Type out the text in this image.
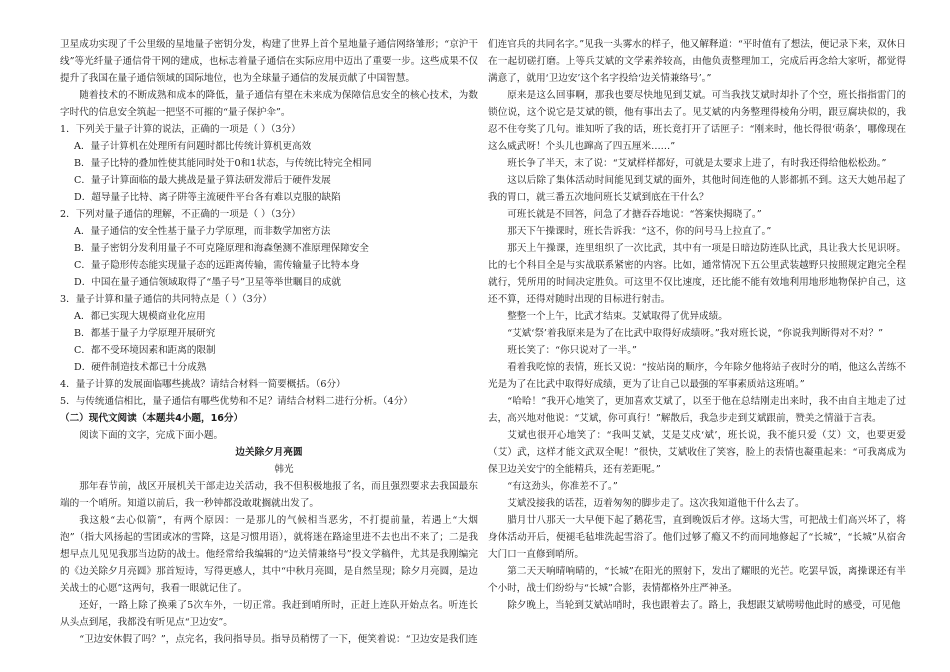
卫星成功实现了千公里级的星地量子密钥分发，构建了世界上首个星地量子通信网络雏形；“京沪干线”等光纤量子通信骨干网的建成，也标志着量子通信在实际应用中迈出了重要一步。这些成果不仅提升了我国在量子通信领域的国际地位，也为全球量子通信的发展贡献了中国智慧。

随着技术的不断成熟和成本的降低，量子通信有望在未来成为保障信息安全的核心技术，为数字时代的信息安全筑起一把坚不可摧的“量子保护伞”。

1．下列关于量子计算的说法，正确的一项是（ ）（3分）

A．量子计算机在处理所有问题时都比传统计算机更高效

B．量子比特的叠加性使其能同时处于0和1状态，与传统比特完全相同

C．量子计算面临的最大挑战是量子算法研发滞后于硬件发展

D．超导量子比特、离子阱等主流硬件平台各有难以克服的缺陷

2．下列对量子通信的理解，不正确的一项是（ ）（3分）

A．量子通信的安全性基于量子力学原理，而非数学加密方法

B．量子密钥分发利用量子不可克隆原理和海森堡测不准原理保障安全

C．量子隐形传态能实现量子态的远距离传输，需传输量子比特本身

D．中国在量子通信领域取得了“墨子号”卫星等举世瞩目的成就

3．量子计算和量子通信的共同特点是（ ）（3分）

A．都已实现大规模商业化应用

B．都基于量子力学原理开展研究

C．都不受环境因素和距离的限制

D．硬件制造技术都已十分成熟

4．量子计算的发展面临哪些挑战？请结合材料一简要概括。（6分）

5．与传统通信相比，量子通信有哪些优势和不足？请结合材料二进行分析。（4分）

（二）现代文阅读（本题共4小题，16分）

阅读下面的文字，完成下面小题。

边关除夕月亮圆

韩光

那年春节前，战区开展机关干部走边关活动，我不但积极地报了名，而且强烈要求去我国最东端的一个哨所。知道以前后，我一秒钟都没敢耽搁就出发了。

我这般“去心似箭”，有两个原因：一是那儿的气候相当恶劣，不打提前量，若遇上“大烟泡”（指大风扬起的雪团或冰的雪降，这是习惯用语），就将迷在路途里进不去也出不来了；二是我想早点儿见见我那当边防的战士。他经常给我编辑的“边关情兼络号”投文学稿件，尤其是我刚编完的《边关除夕月亮圆》那首短诗，写得更感人，其中“中秋月亮圆，是自然呈现；除夕月亮圆，是边关战士的心愿”这两句，我看一眼就记住了。

还好，一路上除了换乘了5次车外，一切正常。我赶到哨所时，正赶上连队开始点名。听连长从头点到尾，我都没有听见点“卫边安”。

“卫边安休假了吗？”，点完名，我问指导员。指导员稍愣了一下，便笑着说：“卫边安是我们连

们连官兵的共同名字。”见我一头雾水的样子，他又解释道：“平时值有了想法，便记录下来，双休日在一起切磋打磨。上等兵艾斌的文学素养较高，由他负责整理加工，完成后再念给大家听，都觉得满意了，就用‘卫边安’这个名字投给‘边关情兼络号’。”

原来是这么回事啊，那我也要尽快地见到艾斌。可当我找艾斌时却扑了个空，班长指指雷门的锁位说，这个说它是艾斌的锁，他有事出去了。见艾斌的内务整理得棱角分明，跟豆腐块似的，我忍不住夸奖了几句。谁知听了我的话，班长竟打开了话匣子：“刚来时，他长得很‘萌条’，哪像现在这么威武呀！个头儿也蹿高了四五厘米……”

班长争了半天，末了说：“艾斌样样都好，可就是太要求上进了，有时我还得给他松松劲。”

这以后除了集体活动时间能见到艾斌的面外，其他时间连他的人影都抓不到。这天大她吊起了我的胃口，就三番五次地问班长艾斌到底在干什么？

可班长就是不回答，问急了才搪吞吞地说：“答案快揭晓了。”

那天下午操课时，班长告诉我：“这不，你的问号马上拉直了。”

那天上午操课，连里组织了一次比武，其中有一项是日暗边防连队比武，具让我大长见识呀。比的七个科目全是与实战联系紧密的内容。比如，通常情况下五公里武装越野只按照规定跑完全程就行，凭所用的时间决定胜负。可这里不仅比速度，还比能不能有效地利用地形地物保护自己，这还不算，还得对随时出现的目标进行射击。

整整一个上午，比武才结束。艾斌取得了优异成绩。

“艾斌‘祭’着我原来是为了在比武中取得好成绩呀。”我对班长说，“你说我判断得对不对？”

班长笑了：“你只说对了一半。”

看着我吃惊的表情，班长又说：“按站岗的顺序，今年除夕他将站子夜时分的哨，他这么苦练不光是为了在比武中取得好成绩，更为了让自己以最强的军事素质站这班哨。”

“哈哈！”我开心地笑了，更加喜欢艾斌了，以至于他在总结刚走出来时，我不由自主地走了过去，高兴地对他说：“艾斌，你可真行！”解散后，我急步走到艾斌跟前，赞美之情溢于言表。

艾斌也很开心地笑了：“我叫艾斌，艾是艾戍‘斌’，班长说，我不能只爱（艾）文，也要更爱（艾）武，这样才能文武双全呢！”很快，艾斌收住了笑容，脸上的表情也凝重起来：“可我离成为保卫边关安宁的全能精兵，还有差距呢。”

“有这劲头，你准差不了。”

艾斌没接我的话茬，迈着匆匆的脚步走了。这次我知道他干什么去了。

腊月廿八那天一大早便下起了鹅花雪，直到晚饭后才停。这场大雪，可把战士们高兴坏了，将身体活动开后，便褪毛毡堆洗起雪浴了。他们过够了瘾又不约而同地修起了“长城”，“长城”从宿舍大门口一直修到哨所。

第二天天响晴响晴的，“长城”在阳光的照射下，发出了耀眼的光芒。吃罢早饭，离操课还有半个小时，战士们纷纷与“长城”合影，表情都格外庄严神圣。

除夕晚上，当轮到艾斌站哨时，我也跟着去了。路上，我想跟艾斌唠唠他此时的感受，可见他
